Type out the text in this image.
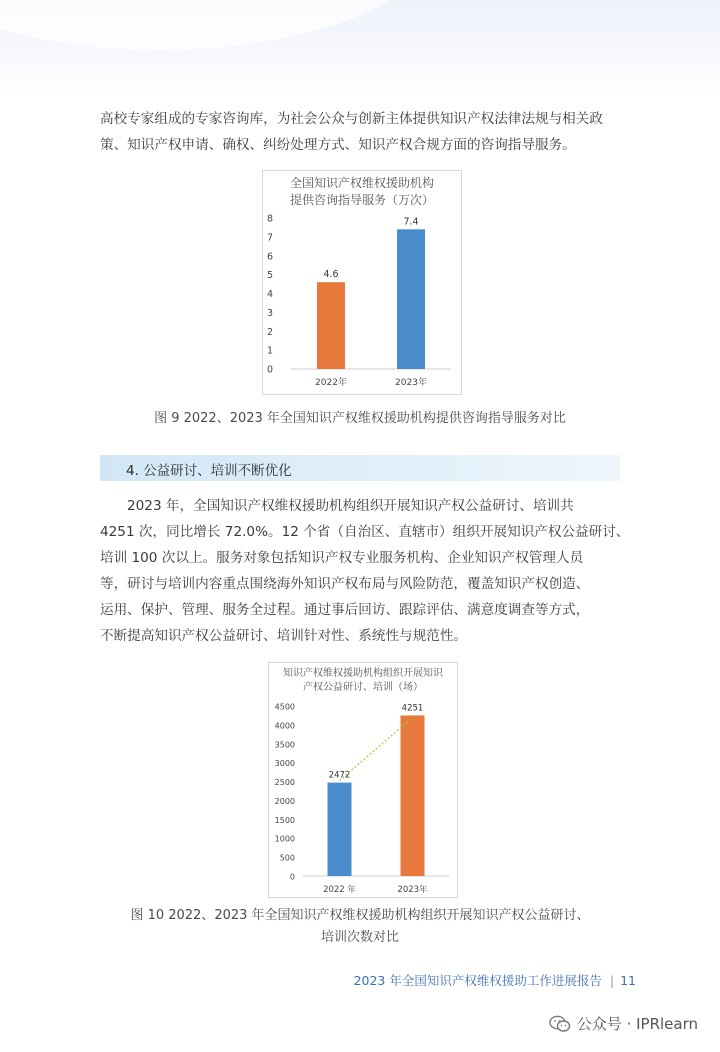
高校专家组成的专家咨询库，为社会公众与创新主体提供知识产权法律法规与相关政
策、知识产权申请、确权、纠纷处理方式、知识产权合规方面的咨询指导服务。
全国知识产权维权援助机构
提供咨询指导服务（万次）
0
1
2
3
4
5
6
7
8
4.6
2022年
7.4
2023年
图 9 2022、2023 年全国知识产权维权援助机构提供咨询指导服务对比
4. 公益研讨、培训不断优化
2023 年，全国知识产权维权援助机构组织开展知识产权公益研讨、培训共
4251 次，同比增长 72.0%。12 个省（自治区、直辖市）组织开展知识产权公益研讨、
培训 100 次以上。服务对象包括知识产权专业服务机构、企业知识产权管理人员
等，研讨与培训内容重点围绕海外知识产权布局与风险防范，覆盖知识产权创造、
运用、保护、管理、服务全过程。通过事后回访、跟踪评估、满意度调查等方式，
不断提高知识产权公益研讨、培训针对性、系统性与规范性。
知识产权维权援助机构组织开展知识
产权公益研讨、培训（场）
0
500
1000
1500
2000
2500
3000
3500
4000
4500
2472
2022 年
4251
2023年
图 10 2022、2023 年全国知识产权维权援助机构组织开展知识产权公益研讨、
培训次数对比
2023 年全国知识产权维权援助工作进展报告 | 11
公众号 · IPRlearn
